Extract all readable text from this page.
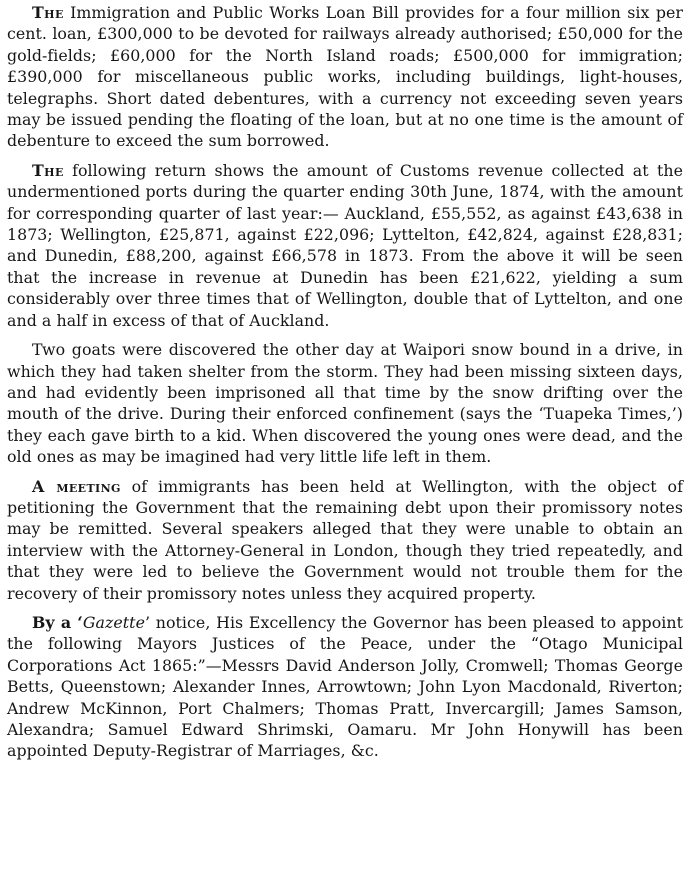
The Immigration and Public Works Loan Bill provides for a four million six per cent. loan, £300,000 to be devoted for railways already authorised; £50,000 for the gold-fields; £60,000 for the North Island roads; £500,000 for immigration; £390,000 for miscellaneous public works, including buildings, light-houses, telegraphs. Short dated debentures, with a currency not exceeding seven years may be issued pending the floating of the loan, but at no one time is the amount of debenture to exceed the sum borrowed.

The following return shows the amount of Customs revenue collected at the undermentioned ports during the quarter ending 30th June, 1874, with the amount for corresponding quarter of last year:— Auckland, £55,552, as against £43,638 in 1873; Wellington, £25,871, against £22,096; Lyttelton, £42,824, against £28,831; and Dunedin, £88,200, against £66,578 in 1873. From the above it will be seen that the increase in revenue at Dunedin has been £21,622, yielding a sum considerably over three times that of Wellington, double that of Lyttelton, and one and a half in excess of that of Auckland.

Two goats were discovered the other day at Waipori snow bound in a drive, in which they had taken shelter from the storm. They had been missing sixteen days, and had evidently been imprisoned all that time by the snow drifting over the mouth of the drive. During their enforced confinement (says the ‘Tuapeka Times,’) they each gave birth to a kid. When discovered the young ones were dead, and the old ones as may be imagined had very little life left in them.

A meeting of immigrants has been held at Wellington, with the object of petitioning the Government that the remaining debt upon their promissory notes may be remitted. Several speakers alleged that they were unable to obtain an interview with the Attorney-General in London, though they tried repeatedly, and that they were led to believe the Government would not trouble them for the recovery of their promissory notes unless they acquired property.

By a ‘Gazette’ notice, His Excellency the Governor has been pleased to appoint the following Mayors Justices of the Peace, under the “Otago Municipal Corporations Act 1865:”—Messrs David Anderson Jolly, Cromwell; Thomas George Betts, Queenstown; Alexander Innes, Arrowtown; John Lyon Macdonald, Riverton; Andrew McKinnon, Port Chalmers; Thomas Pratt, Invercargill; James Samson, Alexandra; Samuel Edward Shrimski, Oamaru. Mr John Honywill has been appointed Deputy-Registrar of Marriages, &c.
